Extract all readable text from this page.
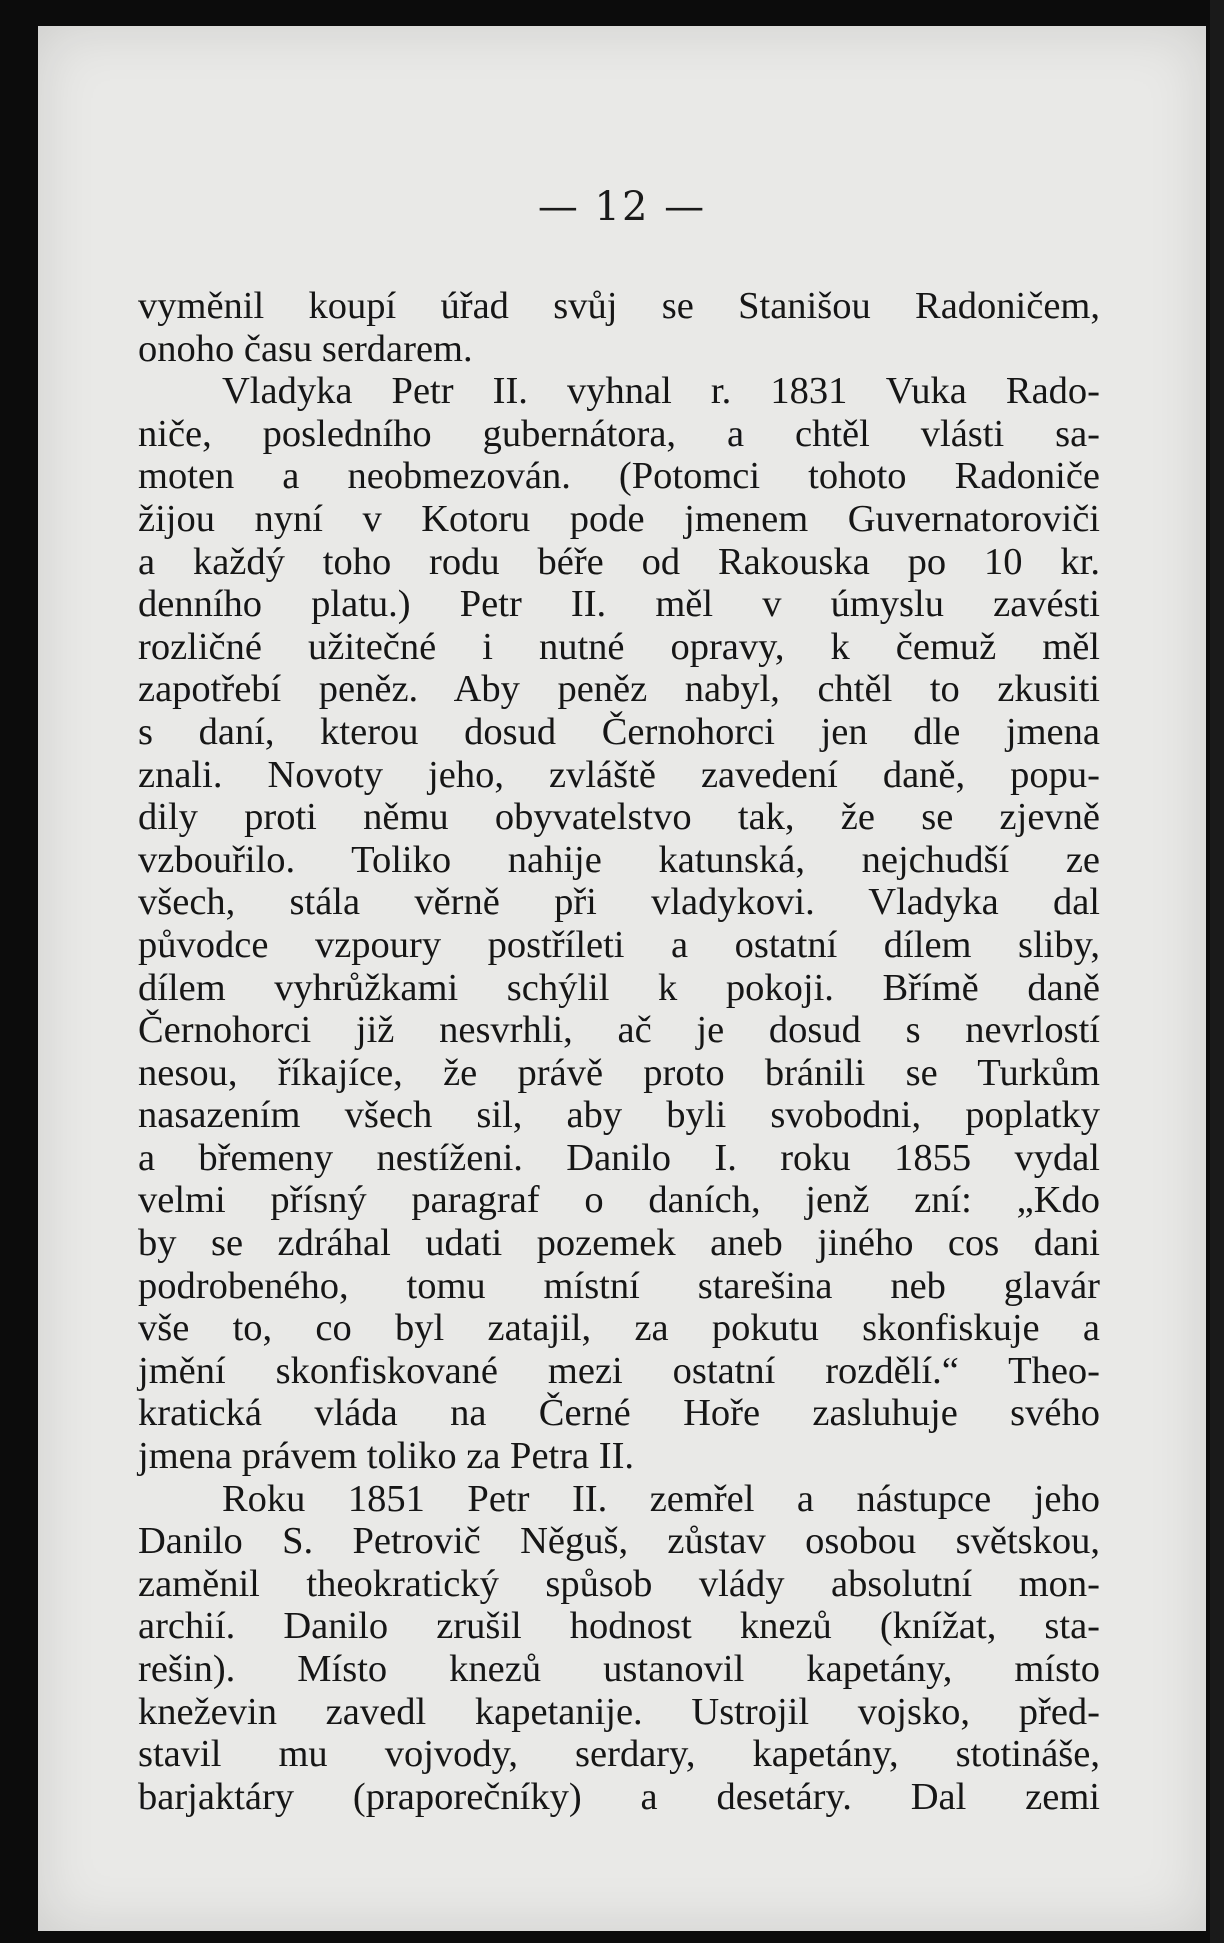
— 12 —
vyměnil koupí úřad svůj se Stanišou Radoničem,
onoho času serdarem.
Vladyka Petr II. vyhnal r. 1831 Vuka Rado-
niče, posledního gubernátora, a chtěl vlásti sa-
moten a neobmezován. (Potomci tohoto Radoniče
žijou nyní v Kotoru pode jmenem Guvernatoroviči
a každý toho rodu béře od Rakouska po 10 kr.
denního platu.) Petr II. měl v úmyslu zavésti
rozličné užitečné i nutné opravy, k čemuž měl
zapotřebí peněz. Aby peněz nabyl, chtěl to zkusiti
s daní, kterou dosud Černohorci jen dle jmena
znali. Novoty jeho, zvláště zavedení daně, popu-
dily proti němu obyvatelstvo tak, že se zjevně
vzbouřilo. Toliko nahije katunská, nejchudší ze
všech, stála věrně při vladykovi. Vladyka dal
původce vzpoury postříleti a ostatní dílem sliby,
dílem vyhrůžkami schýlil k pokoji. Břímě daně
Černohorci již nesvrhli, ač je dosud s nevrlostí
nesou, říkajíce, že právě proto bránili se Turkům
nasazením všech sil, aby byli svobodni, poplatky
a břemeny nestíženi. Danilo I. roku 1855 vydal
velmi přísný paragraf o daních, jenž zní: „Kdo
by se zdráhal udati pozemek aneb jiného cos dani
podrobeného, tomu místní starešina neb glavár
vše to, co byl zatajil, za pokutu skonfiskuje a
jmění skonfiskované mezi ostatní rozdělí.“ Theo-
kratická vláda na Černé Hoře zasluhuje svého
jmena právem toliko za Petra II.
Roku 1851 Petr II. zemřel a nástupce jeho
Danilo S. Petrovič Něguš, zůstav osobou světskou,
zaměnil theokratický spůsob vlády absolutní mon-
archií. Danilo zrušil hodnost knezů (knížat, sta-
rešin). Místo knezů ustanovil kapetány, místo
kneževin zavedl kapetanije. Ustrojil vojsko, před-
stavil mu vojvody, serdary, kapetány, stotináše,
barjaktáry (praporečníky) a desetáry. Dal zemi
